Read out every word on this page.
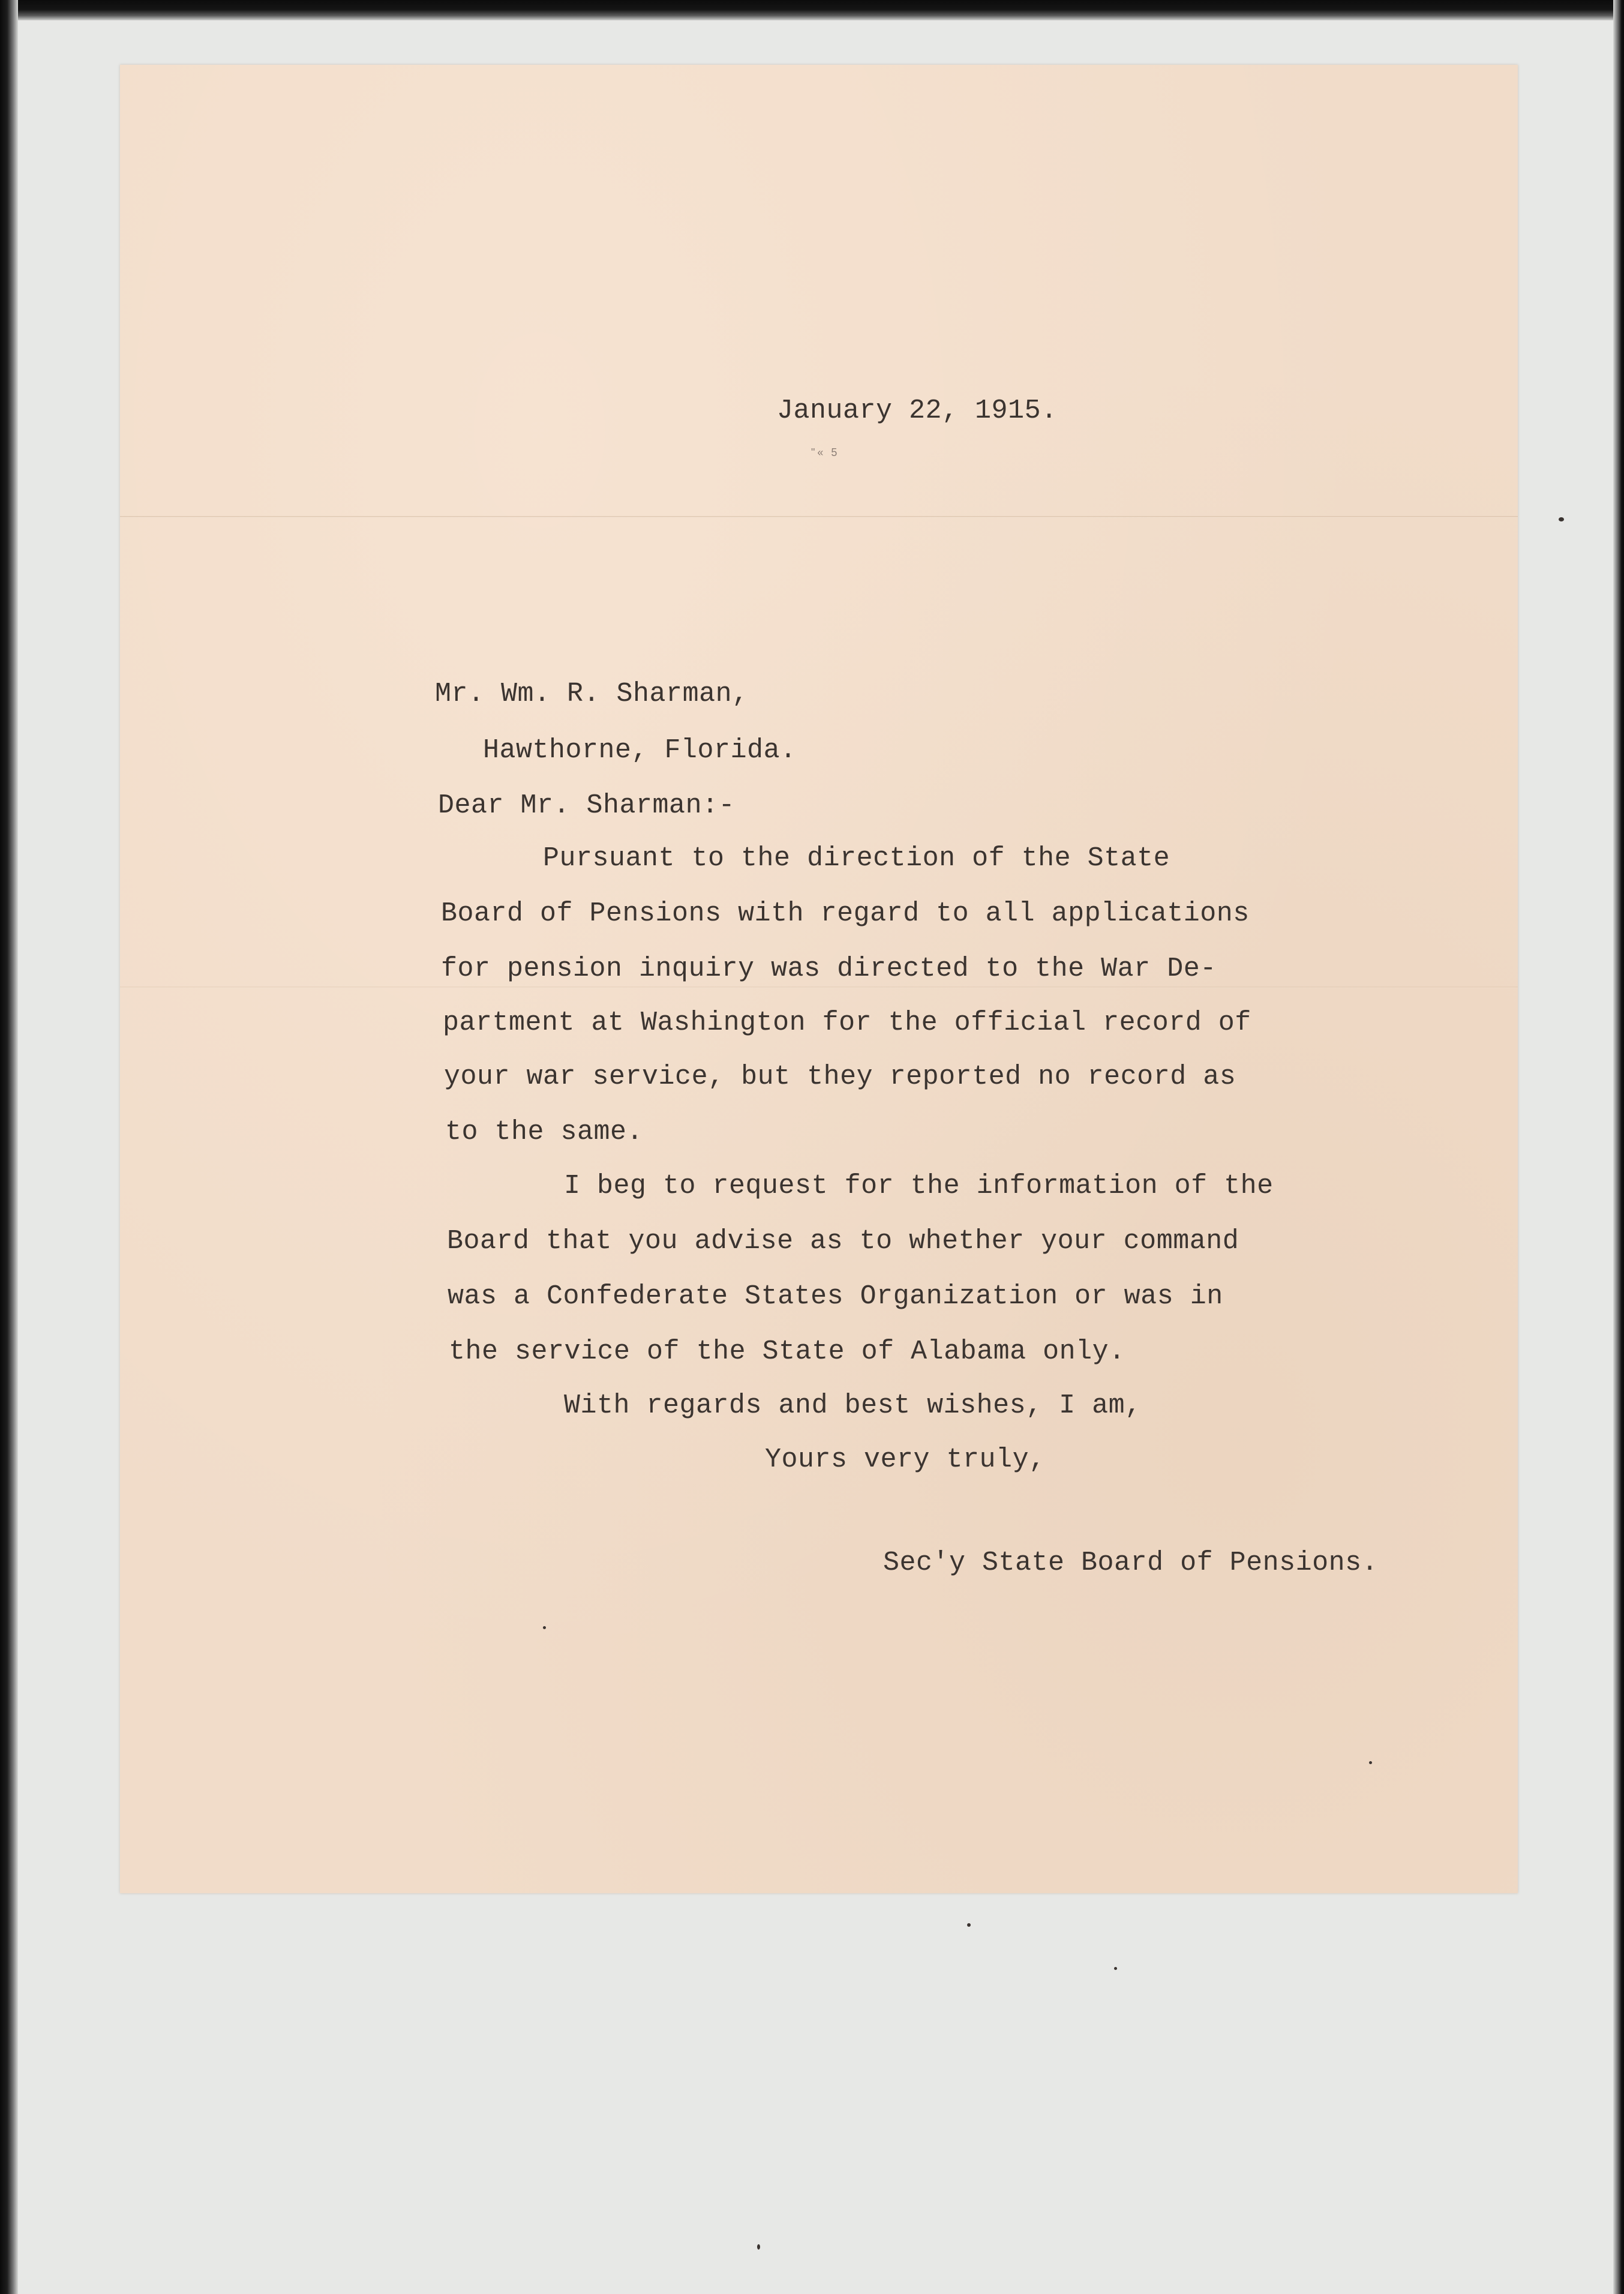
January 22, 1915.

"« 5

Mr. Wm. R. Sharman,

Hawthorne, Florida.

Dear Mr. Sharman:-

Pursuant to the direction of the State

Board of Pensions with regard to all applications

for pension inquiry was directed to the War De-

partment at Washington for the official record of

your war service, but they reported no record as

to the same.

I beg to request for the information of the

Board that you advise as to whether your command

was a Confederate States Organization or was in

the service of the State of Alabama only.

With regards and best wishes, I am,

Yours very truly,

Sec'y State Board of Pensions.
